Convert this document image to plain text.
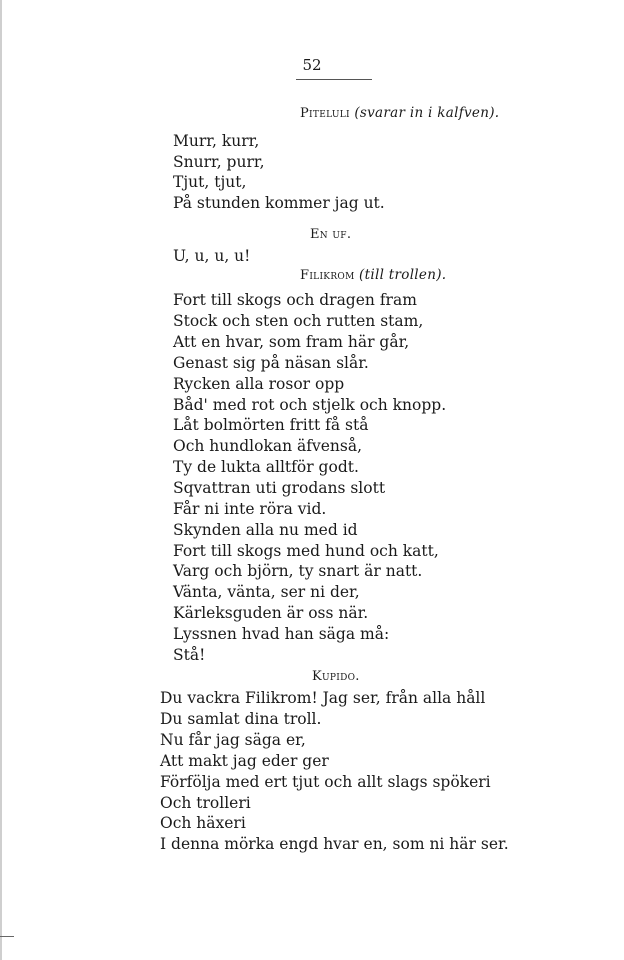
52
Piteluli (svarar in i kalfven).

Murr, kurr,

Snurr, purr,

Tjut, tjut,

På stunden kommer jag ut.

En uf.

U, u, u, u!

Filikrom (till trollen).

Fort till skogs och dragen fram

Stock och sten och rutten stam,

Att en hvar, som fram här går,

Genast sig på näsan slår.

Rycken alla rosor opp

Båd' med rot och stjelk och knopp.

Låt bolmörten fritt få stå

Och hundlokan äfvenså,

Ty de lukta alltför godt.

Sqvattran uti grodans slott

Får ni inte röra vid.

Skynden alla nu med id

Fort till skogs med hund och katt,

Varg och björn, ty snart är natt.

Vänta, vänta, ser ni der,

Kärleksguden är oss när.

Lyssnen hvad han säga må:

Stå!

Kupido.

Du vackra Filikrom! Jag ser, från alla håll

Du samlat dina troll.

Nu får jag säga er,

Att makt jag eder ger

Förfölja med ert tjut och allt slags spökeri

Och trolleri

Och häxeri

I denna mörka engd hvar en, som ni här ser.
